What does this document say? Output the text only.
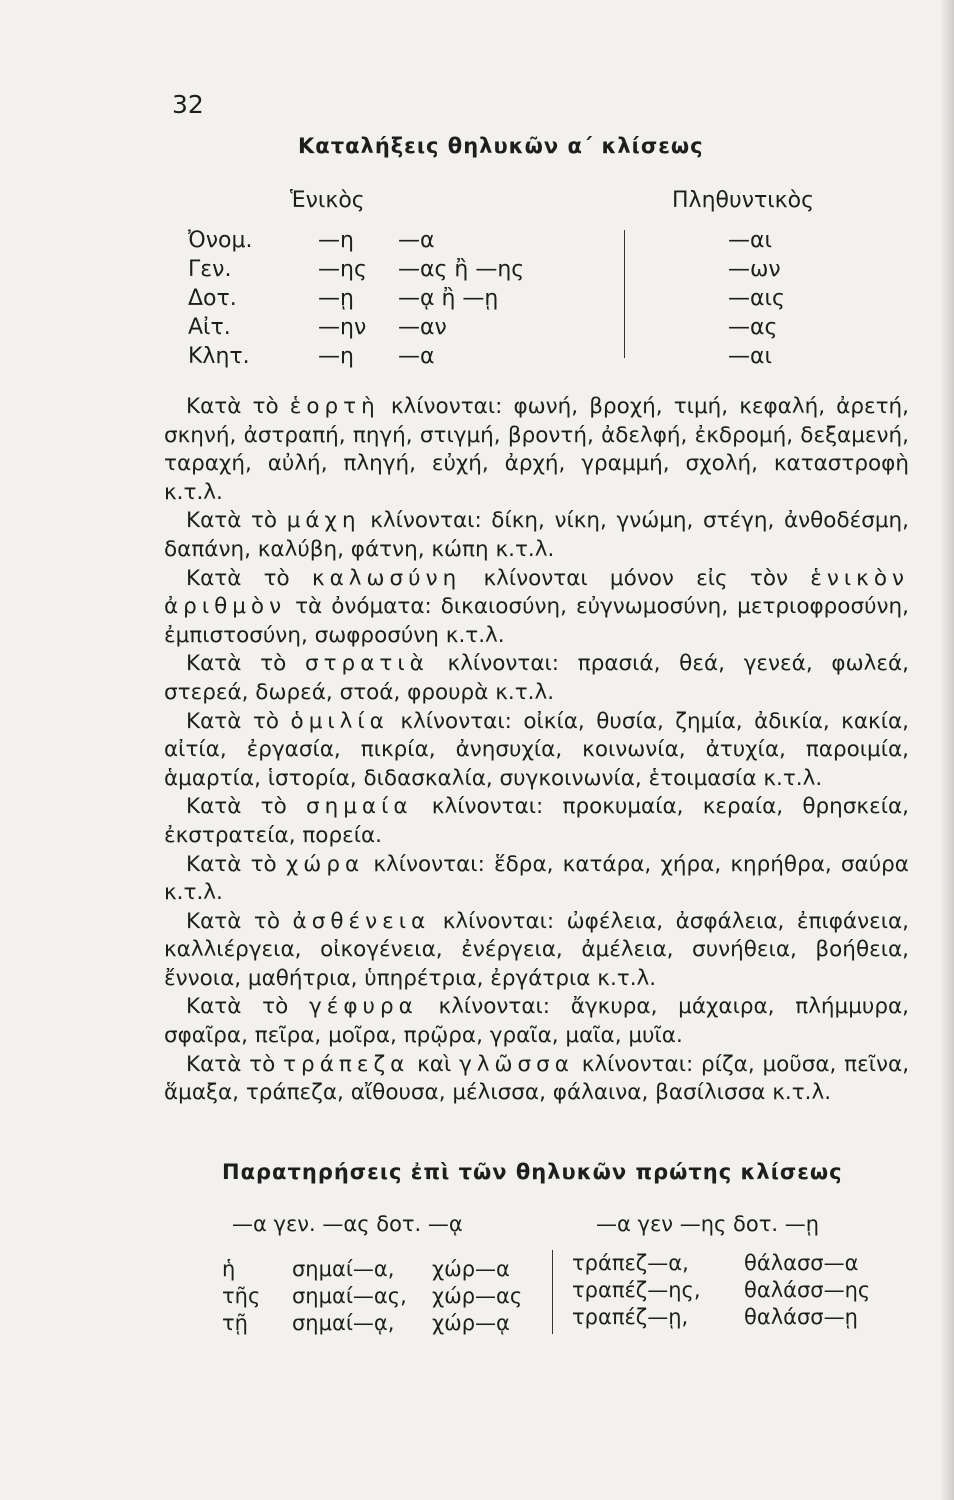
32
Καταλήξεις θηλυκῶν α΄ κλίσεως
Ἑνικὸς	Πληθυντικὸς
Ὀνομ.	—η —α	—αι
Γεν.	—ης —ας ἢ —ης	—ων
Δοτ.	—ῃ —ᾳ ἢ —ῃ	—αις
Αἰτ.	—ην —αν	—ας
Κλητ.	—η —α	—αι

Κατὰ τὸ ἑορτὴ κλίνονται: φωνή, βροχή, τιμή, κεφαλή, ἀρετή, σκηνή, ἀστραπή, πηγή, στιγμή, βροντή, ἀδελφή, ἐκδρομή, δεξαμενή, ταραχή, αὐλή, πληγή, εὐχή, ἀρχή, γραμμή, σχολή, καταστροφὴ κ.τ.λ.

Κατὰ τὸ μάχη κλίνονται: δίκη, νίκη, γνώμη, στέγη, ἀνθοδέσμη, δαπάνη, καλύβη, φάτνη, κώπη κ.τ.λ.

Κατὰ τὸ καλωσύνη κλίνονται μόνον εἰς τὸν ἑνικὸν ἀριθμὸν τὰ ὀνόματα: δικαιοσύνη, εὐγνωμοσύνη, μετριοφροσύνη, ἐμπιστοσύνη, σωφροσύνη κ.τ.λ.

Κατὰ τὸ στρατιὰ κλίνονται: πρασιά, θεά, γενεά, φωλεά, στερεά, δωρεά, στοά, φρουρὰ κ.τ.λ.

Κατὰ τὸ ὁμιλία κλίνονται: οἰκία, θυσία, ζημία, ἀδικία, κακία, αἰτία, ἐργασία, πικρία, ἀνησυχία, κοινωνία, ἀτυχία, παροιμία, ἁμαρτία, ἱστορία, διδασκαλία, συγκοινωνία, ἑτοιμασία κ.τ.λ.

Κατὰ τὸ σημαία κλίνονται: προκυμαία, κεραία, θρησκεία, ἐκστρατεία, πορεία.

Κατὰ τὸ χώρα κλίνονται: ἕδρα, κατάρα, χήρα, κηρήθρα, σαύρα κ.τ.λ.

Κατὰ τὸ ἀσθένεια κλίνονται: ὠφέλεια, ἀσφάλεια, ἐπιφάνεια, καλλιέργεια, οἰκογένεια, ἐνέργεια, ἀμέλεια, συνήθεια, βοήθεια, ἔννοια, μαθήτρια, ὑπηρέτρια, ἐργάτρια κ.τ.λ.

Κατὰ τὸ γέφυρα κλίνονται: ἄγκυρα, μάχαιρα, πλήμμυρα, σφαῖρα, πεῖρα, μοῖρα, πρῷρα, γραῖα, μαῖα, μυῖα.

Κατὰ τὸ τράπεζα καὶ γλῶσσα κλίνονται: ρίζα, μοῦσα, πεῖνα, ἅμαξα, τράπεζα, αἴθουσα, μέλισσα, φάλαινα, βασίλισσα κ.τ.λ.

Παρατηρήσεις ἐπὶ τῶν θηλυκῶν πρώτης κλίσεως
—α γεν. —ας δοτ. —ᾳ	—α γεν —ης δοτ. —ῃ
ἡ	σημαί—α,	χώρ—α
τῆς	σημαί—ας,	χώρ—ας
τῇ	σημαί—ᾳ,	χώρ—ᾳ
τράπεζ—α,	θάλασσ—α
τραπέζ—ης,	θαλάσσ—ης
τραπέζ—ῃ,	θαλάσσ—ῃ
